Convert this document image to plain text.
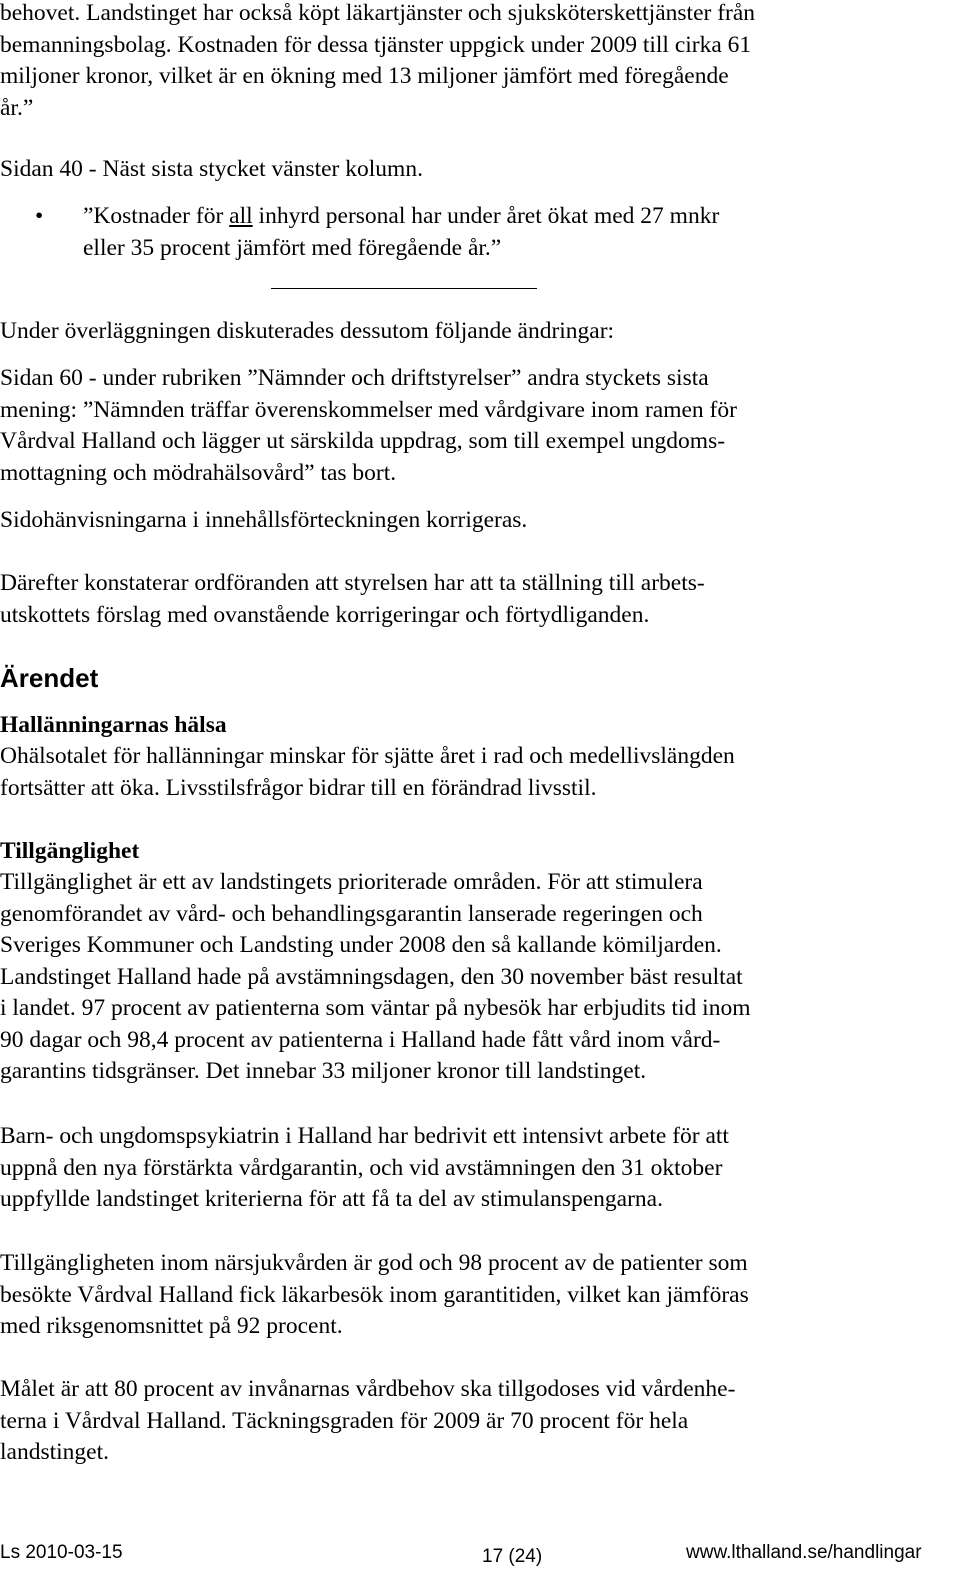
behovet. Landstinget har också köpt läkartjänster och sjuksköterskettjänster från
bemanningsbolag. Kostnaden för dessa tjänster uppgick under 2009 till cirka 61
miljoner kronor, vilket är en ökning med 13 miljoner jämfört med föregående
år.”
Sidan 40 - Näst sista stycket vänster kolumn.
• ”Kostnader för all inhyrd personal har under året ökat med 27 mnkr
eller 35 procent jämfört med föregående år.”
Under överläggningen diskuterades dessutom följande ändringar:
Sidan 60 - under rubriken ”Nämnder och driftstyrelser” andra styckets sista
mening: ”Nämnden träffar överenskommelser med vårdgivare inom ramen för
Vårdval Halland och lägger ut särskilda uppdrag, som till exempel ungdoms-
mottagning och mödrahälsovård” tas bort.
Sidohänvisningarna i innehållsförteckningen korrigeras.
Därefter konstaterar ordföranden att styrelsen har att ta ställning till arbets-
utskottets förslag med ovanstående korrigeringar och förtydliganden.
Ärendet
Hallänningarnas hälsa
Ohälsotalet för hallänningar minskar för sjätte året i rad och medellivslängden
fortsätter att öka. Livsstilsfrågor bidrar till en förändrad livsstil.
Tillgänglighet
Tillgänglighet är ett av landstingets prioriterade områden. För att stimulera
genomförandet av vård- och behandlingsgarantin lanserade regeringen och
Sveriges Kommuner och Landsting under 2008 den så kallande kömiljarden.
Landstinget Halland hade på avstämningsdagen, den 30 november bäst resultat
i landet. 97 procent av patienterna som väntar på nybesök har erbjudits tid inom
90 dagar och 98,4 procent av patienterna i Halland hade fått vård inom vård-
garantins tidsgränser. Det innebar 33 miljoner kronor till landstinget.
Barn- och ungdomspsykiatrin i Halland har bedrivit ett intensivt arbete för att
uppnå den nya förstärkta vårdgarantin, och vid avstämningen den 31 oktober
uppfyllde landstinget kriterierna för att få ta del av stimulanspengarna.
Tillgängligheten inom närsjukvården är god och 98 procent av de patienter som
besökte Vårdval Halland fick läkarbesök inom garantitiden, vilket kan jämföras
med riksgenomsnittet på 92 procent.
Målet är att 80 procent av invånarnas vårdbehov ska tillgodoses vid vårdenhe-
terna i Vårdval Halland. Täckningsgraden för 2009 är 70 procent för hela
landstinget.
Ls 2010-03-15	17 (24)	www.lthalland.se/handlingar
